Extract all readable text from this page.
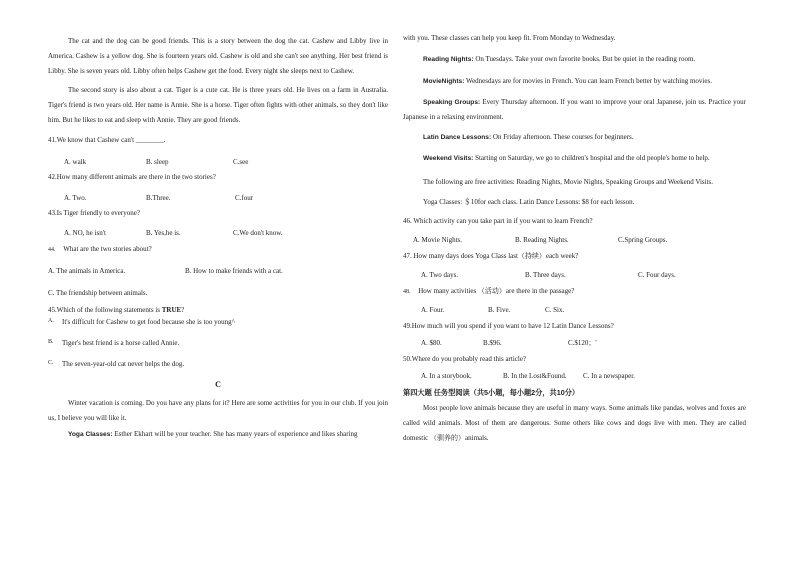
The cat and the dog can be good friends. This is a story between the dog the cat. Cashew and Libby live in America. Cashew is a yellow dog. She is fourteen years old. Cashew is old and she can't see anything. Her best friend is Libby. She is seven years old. Libby often helps Cashew get the food. Every night she sleeps next to Cashew.

The second story is also about a cat. Tiger is a cute cat. He is three years old. He lives on a farm in Australia. Tiger's friend is two years old. Her name is Annie. She is a horse. Tiger often fights with other animals, so they don't like him. But he likes to eat and sleep with Annie. They are good friends.

41.We know that Cashew can't ________.

A. walk	B. sleep	C.see

42.How many different animals are there in the two stories?

A. Two.	B.Three.	C.four

43.Is Tiger friendly to everyone?

A. NO, he isn't	B. Yes,he is.	C.We don't know.

44. What are the two stories about?

A. The animals in America.	B. How to make friends with a cat.
C. The friendship between animals.

45.Which of the following statements is TRUE?

A. It's difficult for Cashew to get food because she is too young^
B. Tiger's best friend is a horse called Annie.
C. The seven-year-old cat never helps the dog.
C

Winter vacation is coming. Do you have any plans for it? Here are some activities for you in our club. If you join us, I believe you will like it.

Yoga Classes: Esther Ekhart will be your teacher. She has many years of experience and likes sharing

with you. These classes can help you keep fit. From Monday to Wednesday.

Reading Nights: On Tuesdays. Take your own favorite books. But be quiet in the reading room.

MovieNights: Wednesdays are for movies in French. You can learn French better by watching movies.

Speaking Groups: Every Thursday afternoon. If you want to improve your oral Japanese, join us. Practice your Japanese in a relaxing environment.

Latin Dance Lessons: On Friday afternoon. These courses for beginners.

Weekend Visits: Starting on Saturday, we go to children's hospital and the old people's home to help.

The following are free activities: Reading Nights, Movie Nights, Speaking Groups and Weekend Visits.

Yoga Classes: ＄10for each class. Latin Dance Lessons: $8 for each lesson.

46. Which activity can you take part in if you want to learn French?

A. Movie Nights.	B. Reading Nights.	C.Spring Groups.

47. How many days does Yoga Class last（持续）each week?

A. Two days.	B. Three days.	C. Four days.

48. How many activities （活动）are there in the passage?

A. Four.	B. Five.	C. Six.

49.How much will you spend if you want to have 12 Latin Dance Lessons?

A. $80.	B.$96.	C.$120；'

50.Where do you probably read this article?

A. In a storybook.	B. In the Lost&Found. C. In a newspaper.

第四大题 任务型阅读（共5小题，每小题2分，共10分）

Most people love animals because they are useful in many ways. Some animals like pandas, wolves and foxes are called wild animals. Most of them are dangerous. Some others like cows and dogs live with men. They are called domestic （驯养的）animals.
